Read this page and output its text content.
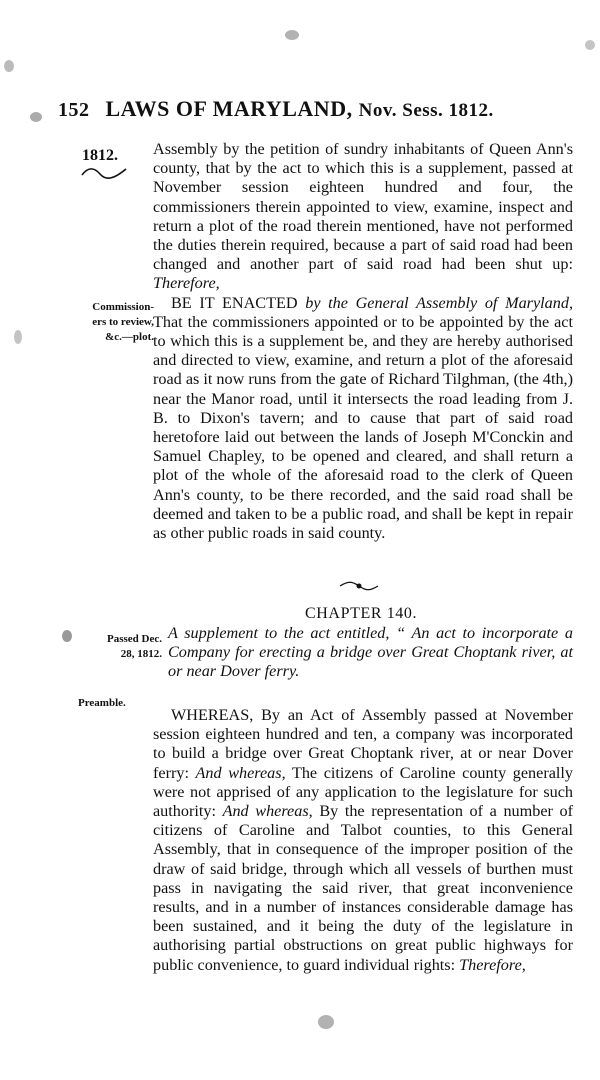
152 LAWS OF MARYLAND, Nov. Sess. 1812.
1812. Assembly by the petition of sundry inhabitants of Queen Ann's county, that by the act to which this is a supplement, passed at November session eighteen hundred and four, the commissioners therein appointed to view, examine, inspect and return a plot of the road therein mentioned, have not performed the duties therein required, because a part of said road had been changed and another part of said road had been shut up: Therefore,
BE IT ENACTED by the General Assembly of Maryland, That the commissioners appointed or to be appointed by the act to which this is a supplement be, and they are hereby authorised and directed to view, examine, and return a plot of the aforesaid road as it now runs from the gate of Richard Tilghman, (the 4th,) near the Manor road, until it intersects the road leading from J. B. to Dixon's tavern; and to cause that part of said road heretofore laid out between the lands of Joseph M'Conckin and Samuel Chapley, to be opened and cleared, and shall return a plot of the whole of the aforesaid road to the clerk of Queen Ann's county, to be there recorded, and the said road shall be deemed and taken to be a public road, and shall be kept in repair as other public roads in said county.
Commission-
ers to review,
&c.—plot.
CHAPTER 140.
Passed Dec.
28, 1812.
A supplement to the act entitled, “ An act to incorporate a Company for erecting a bridge over Great Choptank river, at or near Dover ferry.
Preamble.
WHEREAS, By an Act of Assembly passed at November session eighteen hundred and ten, a company was incorporated to build a bridge over Great Choptank river, at or near Dover ferry: And whereas, The citizens of Caroline county generally were not apprised of any application to the legislature for such authority: And whereas, By the representation of a number of citizens of Caroline and Talbot counties, to this General Assembly, that in consequence of the improper position of the draw of said bridge, through which all vessels of burthen must pass in navigating the said river, that great inconvenience results, and in a number of instances considerable damage has been sustained, and it being the duty of the legislature in authorising partial obstructions on great public highways for public convenience, to guard individual rights: Therefore,
